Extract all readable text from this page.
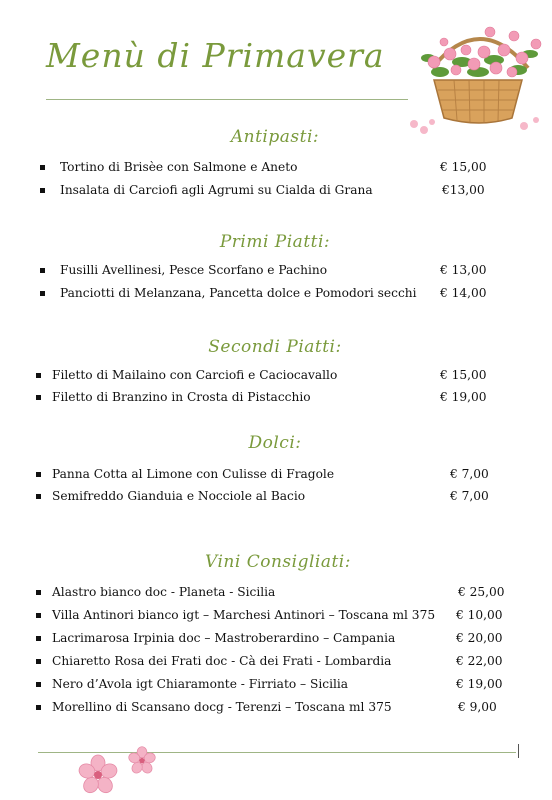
Menù di Primavera
Antipasti:
Tortino di Brisèe con Salmone e Aneto	€ 15,00
Insalata di Carciofi agli Agrumi su Cialda di Grana	€13,00
Primi Piatti:
Fusilli Avellinesi, Pesce Scorfano e Pachino	€ 13,00
Panciotti di Melanzana, Pancetta dolce e Pomodori secchi € 14,00
Secondi Piatti:
Filetto di Mailaino con Carciofi e Caciocavallo	€ 15,00
Filetto di Branzino in Crosta di Pistacchio	€ 19,00
Dolci:
Panna Cotta al Limone con Culisse di Fragole	€ 7,00
Semifreddo Gianduia e Nocciole al Bacio	€ 7,00
Vini Consigliati:
Alastro bianco doc - Planeta - Sicilia	€ 25,00
Villa Antinori bianco igt – Marchesi Antinori – Toscana ml 375 € 10,00
Lacrimarosa Irpinia doc – Mastroberardino – Campania	€ 20,00
Chiaretto Rosa dei Frati doc - Cà dei Frati - Lombardia	€ 22,00
Nero d’Avola igt Chiaramonte - Firriato – Sicilia	€ 19,00
Morellino di Scansano docg - Terenzi – Toscana ml 375	€ 9,00
